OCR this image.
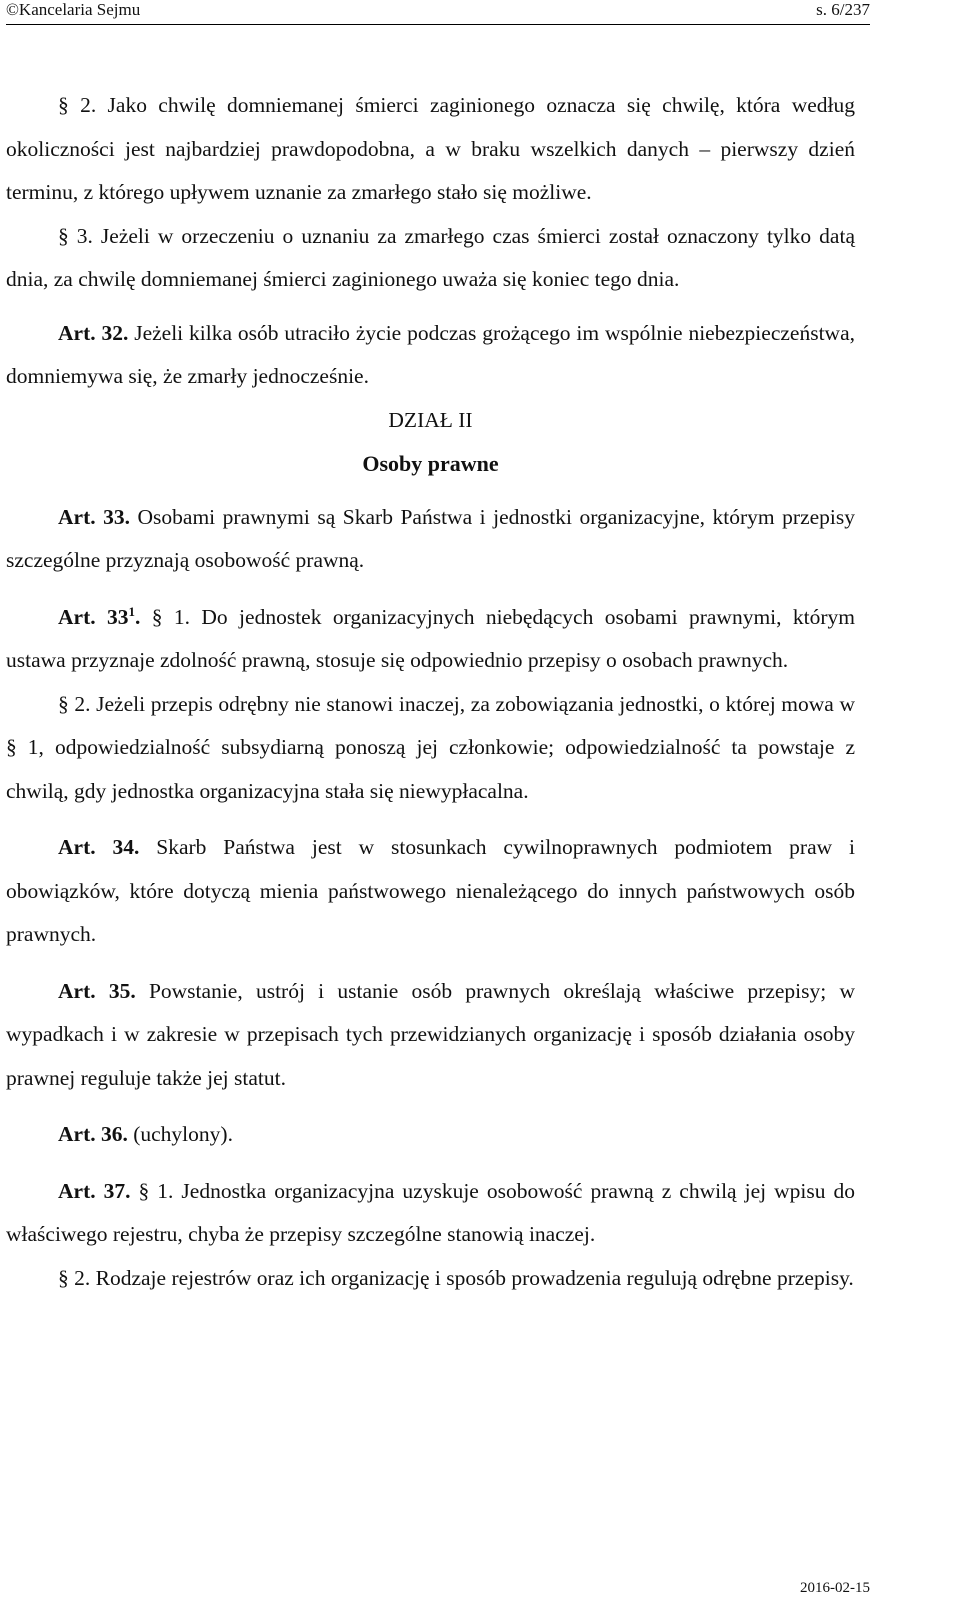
©Kancelaria Sejmu	s. 6/237

§ 2. Jako chwilę domniemanej śmierci zaginionego oznacza się chwilę, która według okoliczności jest najbardziej prawdopodobna, a w braku wszelkich danych – pierwszy dzień terminu, z którego upływem uznanie za zmarłego stało się możliwe.

§ 3. Jeżeli w orzeczeniu o uznaniu za zmarłego czas śmierci został oznaczony tylko datą dnia, za chwilę domniemanej śmierci zaginionego uważa się koniec tego dnia.

Art. 32. Jeżeli kilka osób utraciło życie podczas grożącego im wspólnie niebezpieczeństwa, domniemywa się, że zmarły jednocześnie.

DZIAŁ II

Osoby prawne

Art. 33. Osobami prawnymi są Skarb Państwa i jednostki organizacyjne, którym przepisy szczególne przyznają osobowość prawną.

Art. $33^1$. § 1. Do jednostek organizacyjnych niebędących osobami prawnymi, którym ustawa przyznaje zdolność prawną, stosuje się odpowiednio przepisy o osobach prawnych.

§ 2. Jeżeli przepis odrębny nie stanowi inaczej, za zobowiązania jednostki, o której mowa w § 1, odpowiedzialność subsydiarną ponoszą jej członkowie; odpowiedzialność ta powstaje z chwilą, gdy jednostka organizacyjna stała się niewypłacalna.

Art. 34. Skarb Państwa jest w stosunkach cywilnoprawnych podmiotem praw i obowiązków, które dotyczą mienia państwowego nienależącego do innych państwowych osób prawnych.

Art. 35. Powstanie, ustrój i ustanie osób prawnych określają właściwe przepisy; w wypadkach i w zakresie w przepisach tych przewidzianych organizację i sposób działania osoby prawnej reguluje także jej statut.

Art. 36. (uchylony).

Art. 37. § 1. Jednostka organizacyjna uzyskuje osobowość prawną z chwilą jej wpisu do właściwego rejestru, chyba że przepisy szczególne stanowią inaczej.

§ 2. Rodzaje rejestrów oraz ich organizację i sposób prowadzenia regulują odrębne przepisy.

2016-02-15
